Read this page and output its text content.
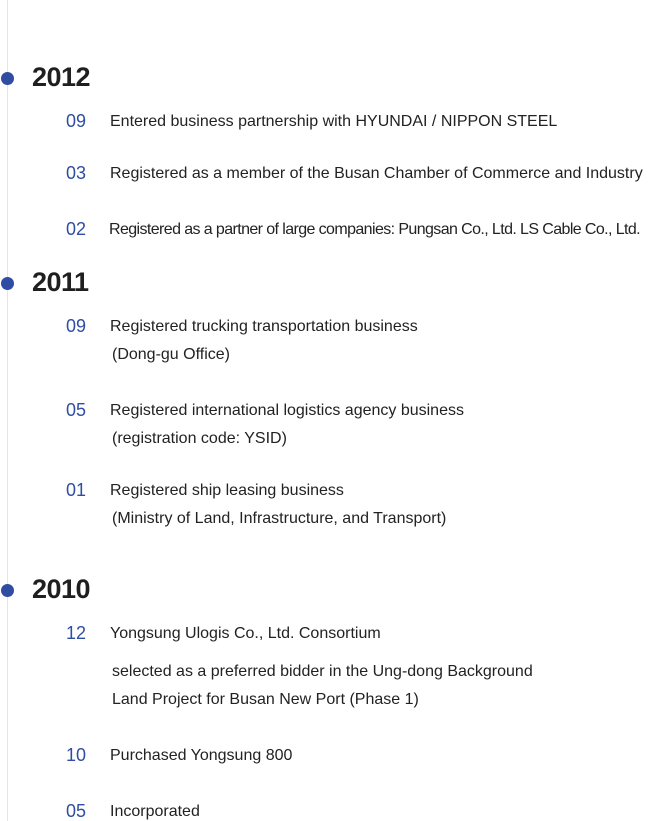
2012
09 Entered business partnership with HYUNDAI / NIPPON STEEL
03 Registered as a member of the Busan Chamber of Commerce and Industry
02 Registered as a partner of large companies: Pungsan Co., Ltd. LS Cable Co., Ltd.
2011
09 Registered trucking transportation business
(Dong-gu Office)
05 Registered international logistics agency business
(registration code: YSID)
01 Registered ship leasing business
(Ministry of Land, Infrastructure, and Transport)
2010
12 Yongsung Ulogis Co., Ltd. Consortium
selected as a preferred bidder in the Ung-dong Background
Land Project for Busan New Port (Phase 1)
10 Purchased Yongsung 800
05 Incorporated
